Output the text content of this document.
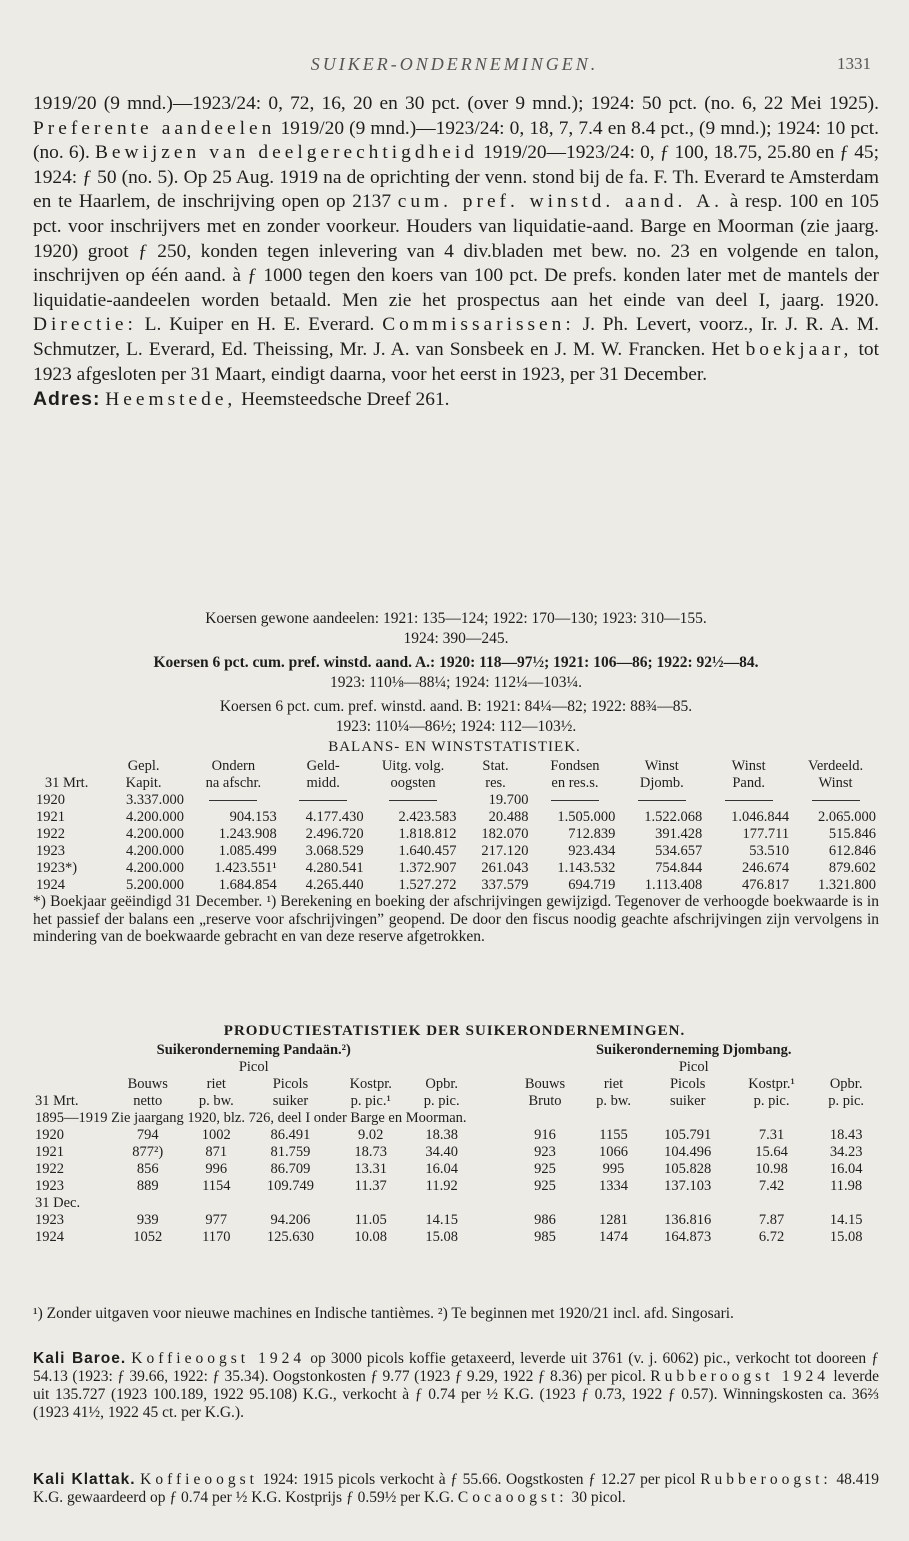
SUIKER-ONDERNEMINGEN.	1331

1919/20 (9 mnd.)—1923/24: 0, 72, 16, 20 en 30 pct. (over 9 mnd.); 1924: 50 pct. (no. 6, 22 Mei 1925). Preferente aandeelen 1919/20 (9 mnd.)—1923/24: 0, 18, 7, 7.4 en 8.4 pct., (9 mnd.); 1924: 10 pct. (no. 6). Bewijzen van deelgerechtigdheid 1919/20—1923/24: 0, ƒ 100, 18.75, 25.80 en ƒ 45; 1924: ƒ 50 (no. 5). Op 25 Aug. 1919 na de oprichting der venn. stond bij de fa. F. Th. Everard te Amsterdam en te Haarlem, de inschrijving open op 2137 cum. pref. winstd. aand. A. à resp. 100 en 105 pct. voor inschrijvers met en zonder voorkeur. Houders van liquidatie-aand. Barge en Moorman (zie jaarg. 1920) groot ƒ 250, konden tegen inlevering van 4 div.bladen met bew. no. 23 en volgende en talon, inschrijven op één aand. à ƒ 1000 tegen den koers van 100 pct. De prefs. konden later met de mantels der liquidatie-aandeelen worden betaald. Men zie het prospectus aan het einde van deel I, jaarg. 1920. Directie: L. Kuiper en H. E. Everard. Commissarissen: J. Ph. Levert, voorz., Ir. J. R. A. M. Schmutzer, L. Everard, Ed. Theissing, Mr. J. A. van Sonsbeek en J. M. W. Francken. Het boekjaar, tot 1923 afgesloten per 31 Maart, eindigt daarna, voor het eerst in 1923, per 31 December.

Adres: Heemstede, Heemsteedsche Dreef 261.

Koersen gewone aandeelen: 1921: 135—124; 1922: 170—130; 1923: 310—155.
1924: 390—245.
Koersen 6 pct. cum. pref. winstd. aand. A.: 1920: 118—97½; 1921: 106—86; 1922: 92½—84.
1923: 110⅛—88¼; 1924: 112¼—103¼.
Koersen 6 pct. cum. pref. winstd. aand. B: 1921: 84¼—82; 1922: 88¾—85.
1923: 110¼—86½; 1924: 112—103½.
BALANS- EN WINSTSTATISTIEK.
	Gepl.	Ondern	Geld-	Uitg. volg.	Stat.	Fondsen	Winst	Winst	Verdeeld.
31 Mrt.	Kapit.	na afschr.	midd.	oogsten	res.	en res.s.	Djomb.	Pand.	Winst
1920	3.337.000				19.700				
1921	4.200.000	904.153	4.177.430	2.423.583	20.488	1.505.000	1.522.068	1.046.844	2.065.000
1922	4.200.000	1.243.908	2.496.720	1.818.812	182.070	712.839	391.428	177.711	515.846
1923	4.200.000	1.085.499	3.068.529	1.640.457	217.120	923.434	534.657	53.510	612.846
1923*)	4.200.000	1.423.551¹	4.280.541	1.372.907	261.043	1.143.532	754.844	246.674	879.602
1924	5.200.000	1.684.854	4.265.440	1.527.272	337.579	694.719	1.113.408	476.817	1.321.800

*) Boekjaar geëindigd 31 December. ¹) Berekening en boeking der afschrijvingen gewijzigd. Tegenover de verhoogde boekwaarde is in het passief der balans een „reserve voor afschrijvingen” geopend. De door den fiscus noodig geachte afschrijvingen zijn vervolgens in mindering van de boekwaarde gebracht en van deze reserve afgetrokken.

PRODUCTIESTATISTIEK DER SUIKERONDERNEMINGEN.
Suikeronderneming Pandaän.²)							Suikeronderneming Djombang.				
Picol							Picol				
	Bouws	riet	Picols	Kostpr.	Opbr.		Bouws	riet	Picols	Kostpr.¹	Opbr.
31 Mrt.	netto	p. bw.	suiker	p. pic.¹	p. pic.		Bruto	p. bw.	suiker	p. pic.	p. pic.
1895—1919 Zie jaargang 1920, blz. 726, deel I onder Barge en Moorman.											
1920	794	1002	86.491	9.02	18.38		916	1155	105.791	7.31	18.43
1921	877²)	871	81.759	18.73	34.40		923	1066	104.496	15.64	34.23
1922	856	996	86.709	13.31	16.04		925	995	105.828	10.98	16.04
1923	889	1154	109.749	11.37	11.92		925	1334	137.103	7.42	11.98
31 Dec.											
1923	939	977	94.206	11.05	14.15		986	1281	136.816	7.87	14.15
1924	1052	1170	125.630	10.08	15.08		985	1474	164.873	6.72	15.08

¹) Zonder uitgaven voor nieuwe machines en Indische tantièmes. ²) Te beginnen met 1920/21 incl. afd. Singosari.

Kali Baroe. Koffieoogst 1924 op 3000 picols koffie getaxeerd, leverde uit 3761 (v. j. 6062) pic., verkocht tot dooreen ƒ 54.13 (1923: ƒ 39.66, 1922: ƒ 35.34). Oogstonkosten ƒ 9.77 (1923 ƒ 9.29, 1922 ƒ 8.36) per picol. Rubberoogst 1924 leverde uit 135.727 (1923 100.189, 1922 95.108) K.G., verkocht à ƒ 0.74 per ½ K.G. (1923 ƒ 0.73, 1922 ƒ 0.57). Winningskosten ca. 36⅔ (1923 41½, 1922 45 ct. per K.G.).

Kali Klattak. Koffieoogst 1924: 1915 picols verkocht à ƒ 55.66. Oogstkosten ƒ 12.27 per picol Rubberoogst: 48.419 K.G. gewaardeerd op ƒ 0.74 per ½ K.G. Kostprijs ƒ 0.59½ per K.G. Cocaoogst: 30 picol.
